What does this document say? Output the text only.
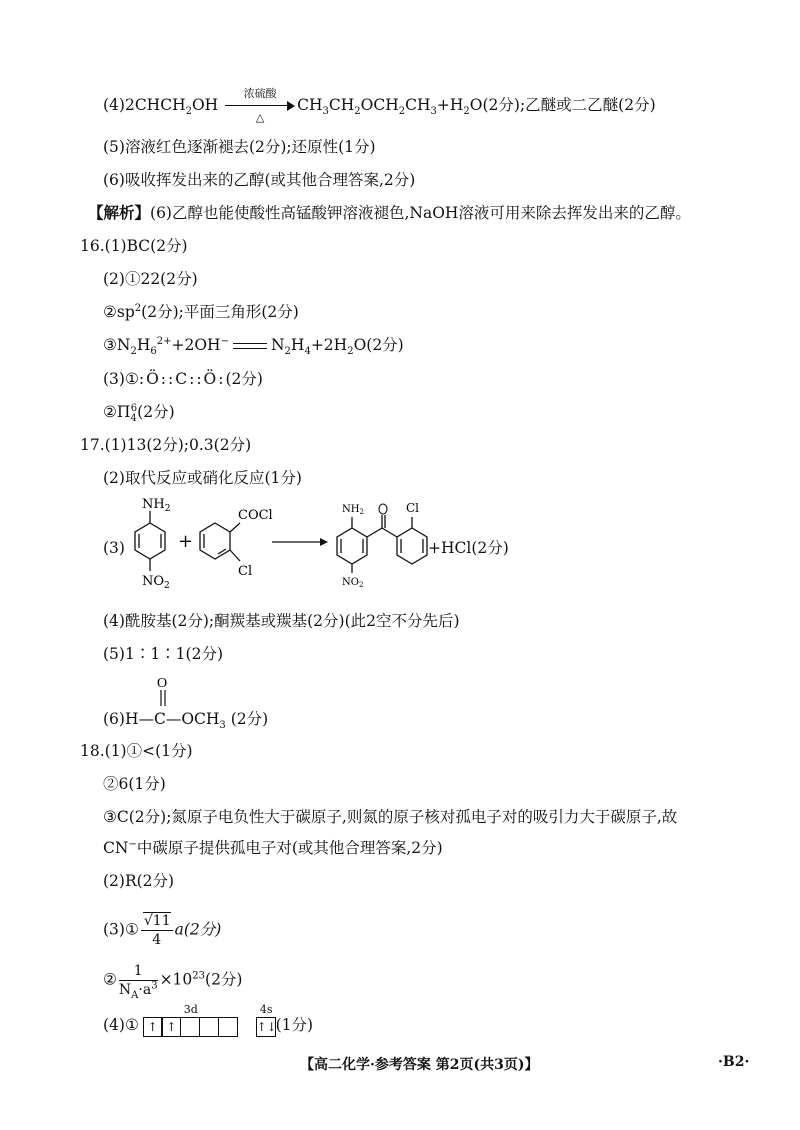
$(4)2CHCH_2OH$
浓硫酸
△
$CH_3CH_2OCH_2CH_3+H_2O(2$分);乙醚或二乙醚(2分)
(5)溶液红色逐渐褪去(2分);还原性(1分)
(6)吸收挥发出来的乙醇(或其他合理答案,2分)
【解析】(6)乙醇也能使酸性高锰酸钾溶液褪色,NaOH溶液可用来除去挥发出来的乙醇。
16.(1)BC(2分)
(2)①22(2分)
$②sp^2(2$分);平面三角形(2分)
$③N_2H_6^{2+}+2OH^-$	$N_2H_4+2H_2O(2$分)
(3)①:Ö::C::Ö:(2分)
$②\Pi_4^6(2$分)
17.(1)13(2分);0.3(2分)
(2)取代反应或硝化反应(1分)
(3)
$NH_2$
$NO_2$
+
COCl
Cl
$NH_2$
$NO_2$
Cl
+HCl(2分)
(4)酰胺基(2分);酮羰基或羰基(2分)(此2空不分先后)
(5)1∶1∶1(2分)
$(6)H—C—OCH_3$ (2分)
O
18.(1)①<(1分)
②6(1分)
③C(2分);氮原子电负性大于碳原子,则氮的原子核对孤电子对的吸引力大于碳原子,故
CN−中碳原子提供孤电子对(或其他合理答案,2分)
(2)R(2分)
(3)① $\frac{√11}{4} a(2$分)
② $\frac{1}{N_A\cdot a^3} \times 10^{23}(2$分)
(4)①
3d
↑ ↑
4s
↑↓(1分)
【高二化学·参考答案 第2页(共3页)】	·B2·
